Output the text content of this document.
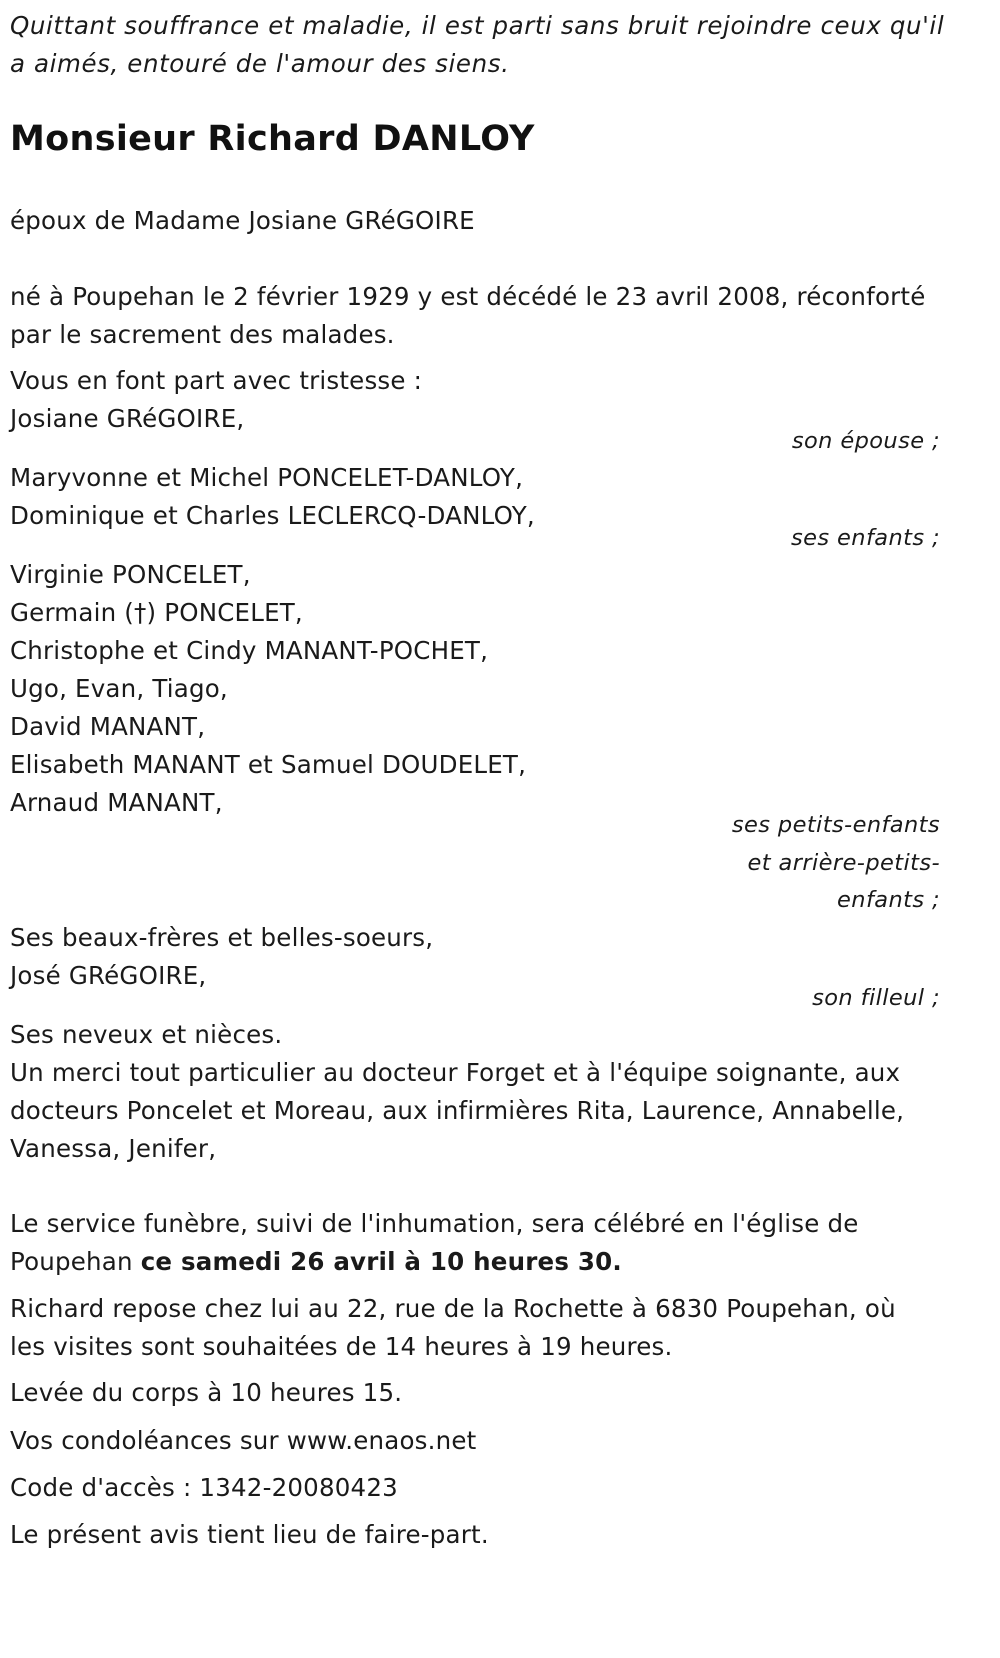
Quittant souffrance et maladie, il est parti sans bruit rejoindre ceux qu'il
a aimés, entouré de l'amour des siens.
Monsieur Richard DANLOY
époux de Madame Josiane GRéGOIRE
né à Poupehan le 2 février 1929 y est décédé le 23 avril 2008, réconforté
par le sacrement des malades.
Vous en font part avec tristesse :
Josiane GRéGOIRE,
son épouse ;
Maryvonne et Michel PONCELET-DANLOY,
Dominique et Charles LECLERCQ-DANLOY,
ses enfants ;
Virginie PONCELET,
Germain (†) PONCELET,
Christophe et Cindy MANANT-POCHET,
Ugo, Evan, Tiago,
David MANANT,
Elisabeth MANANT et Samuel DOUDELET,
Arnaud MANANT,
ses petits-enfants
et arrière-petits-
enfants ;
Ses beaux-frères et belles-soeurs,
José GRéGOIRE,
son filleul ;
Ses neveux et nièces.
Un merci tout particulier au docteur Forget et à l'équipe soignante, aux
docteurs Poncelet et Moreau, aux infirmières Rita, Laurence, Annabelle,
Vanessa, Jenifer,
Le service funèbre, suivi de l'inhumation, sera célébré en l'église de
Poupehan ce samedi 26 avril à 10 heures 30.
Richard repose chez lui au 22, rue de la Rochette à 6830 Poupehan, où
les visites sont souhaitées de 14 heures à 19 heures.
Levée du corps à 10 heures 15.
Vos condoléances sur www.enaos.net
Code d'accès : 1342-20080423
Le présent avis tient lieu de faire-part.
